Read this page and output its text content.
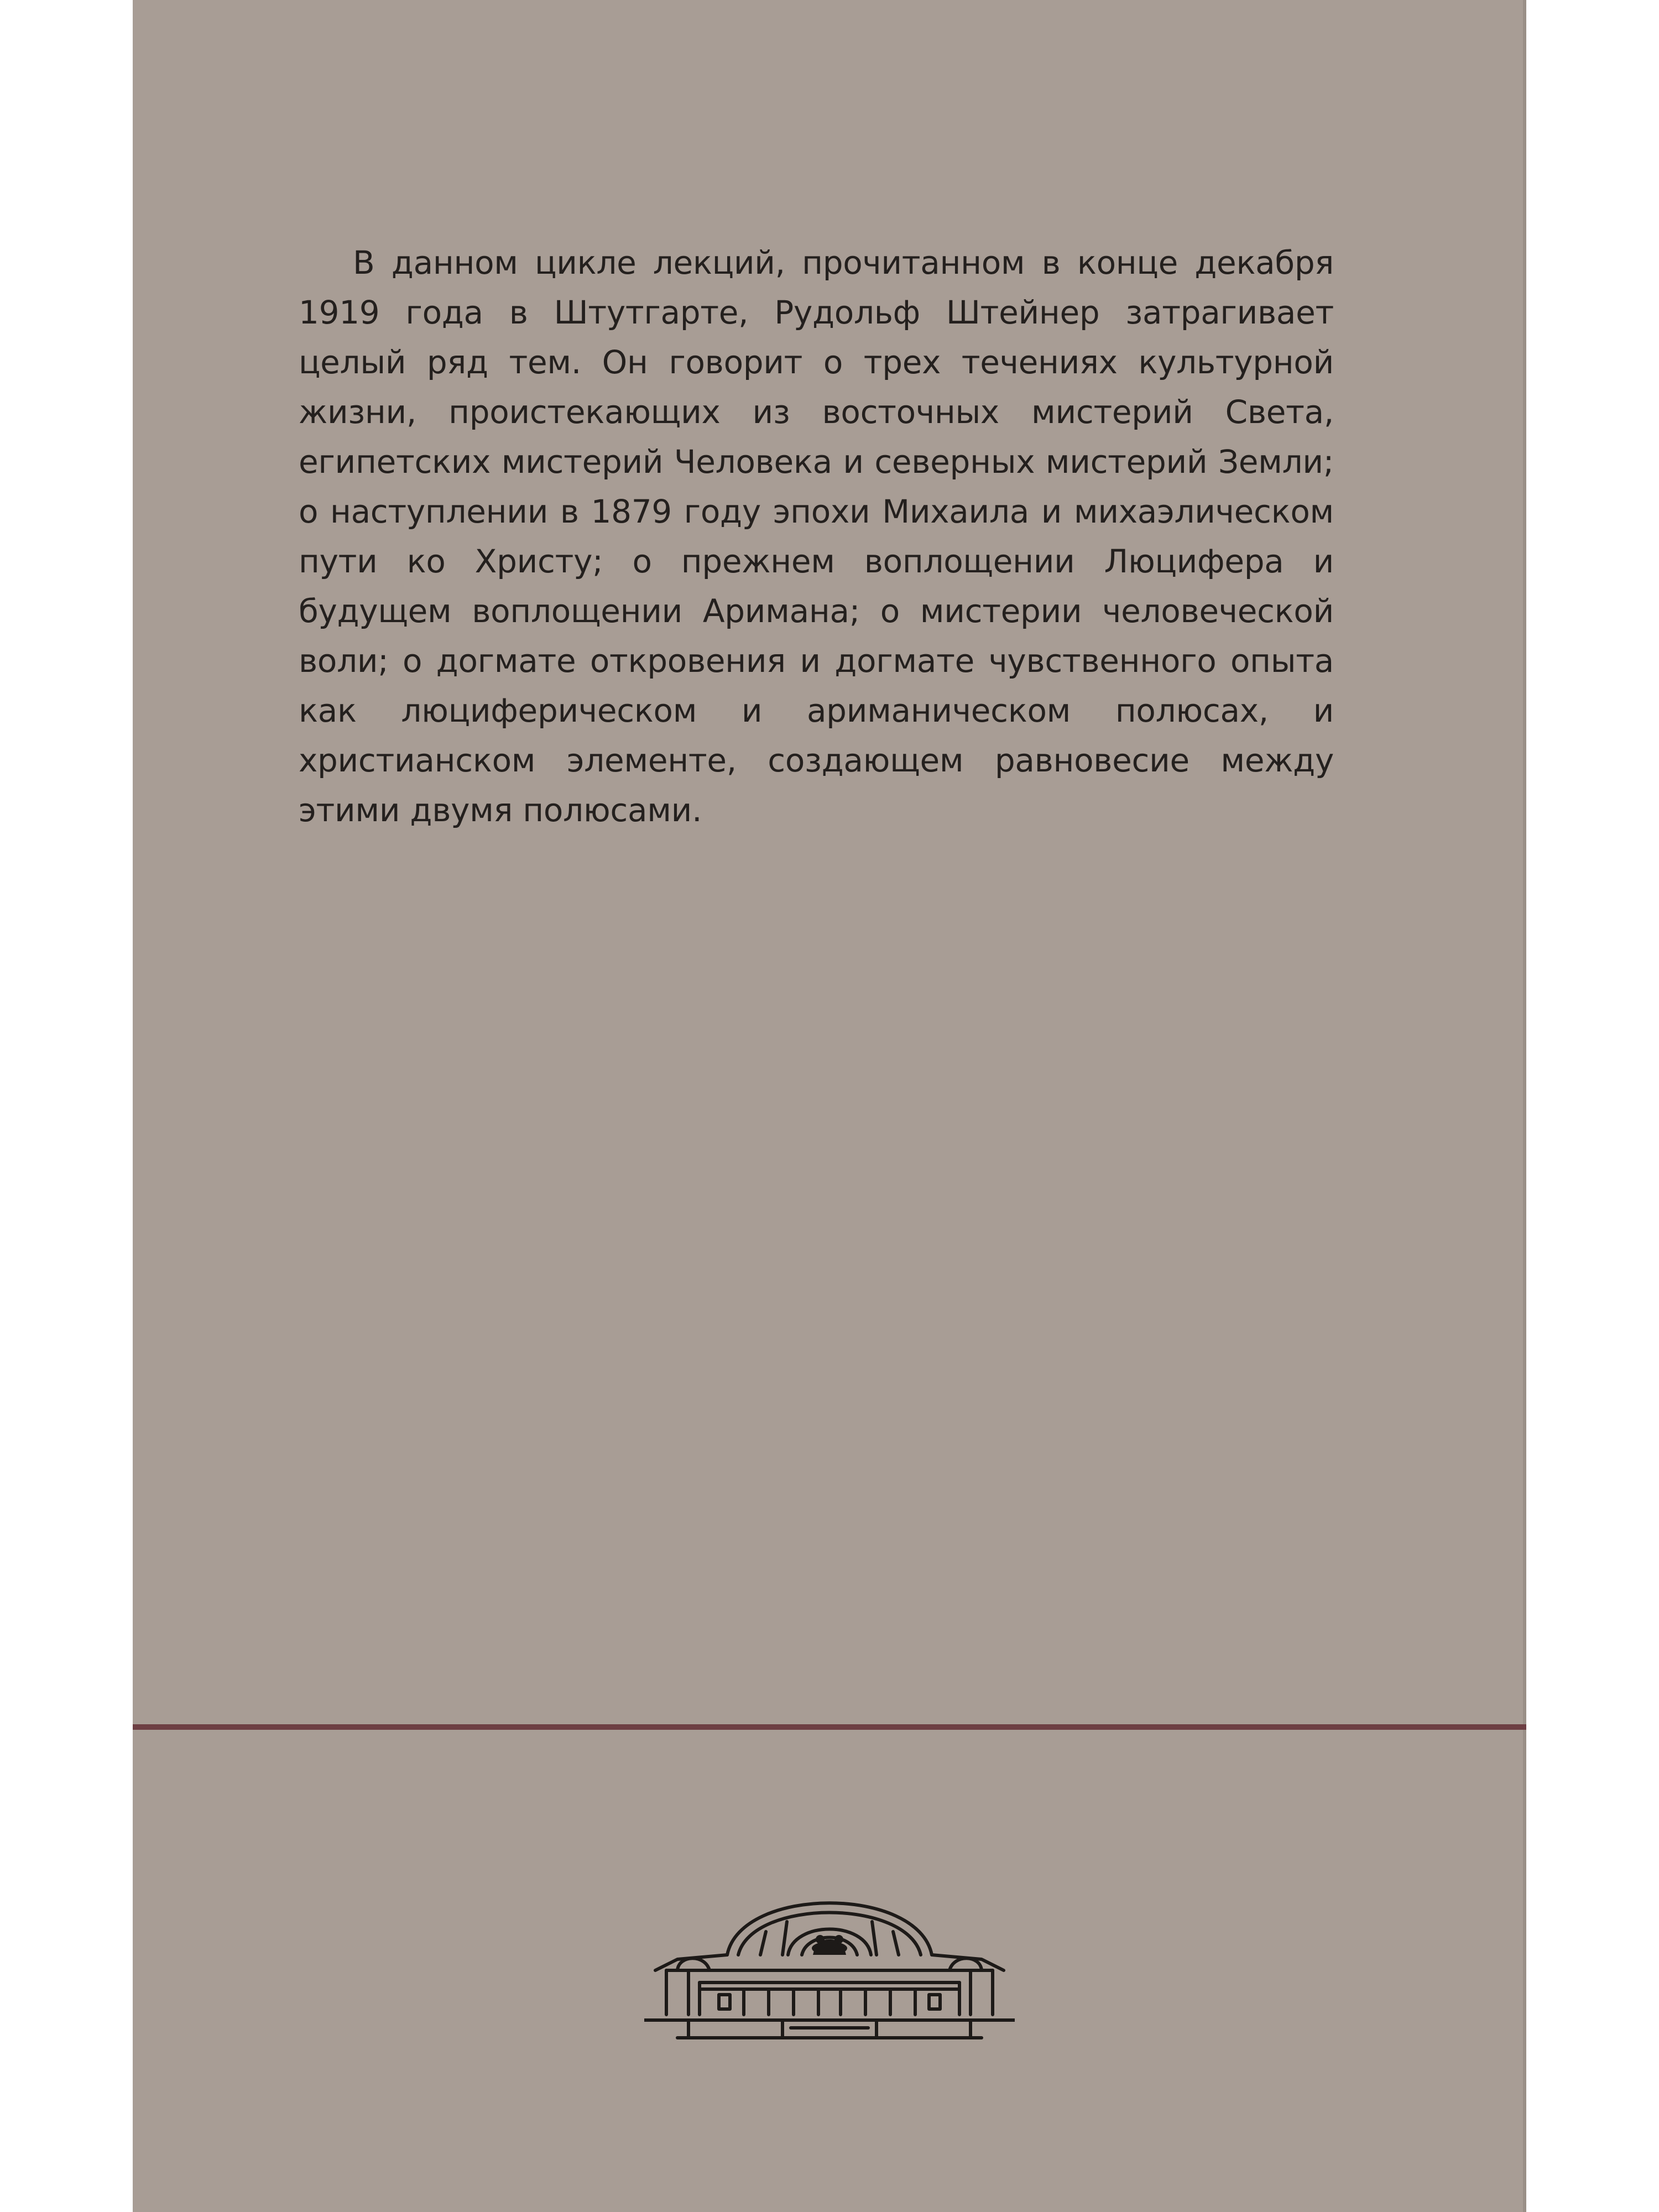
В данном цикле лекций, прочитанном в конце декабря 1919 года в Штутгарте, Рудольф Штейнер затрагивает целый ряд тем. Он говорит о трех течениях культурной жизни, проистекающих из восточных мистерий Света, египетских мистерий Человека и северных мистерий Земли; о наступлении в 1879 году эпохи Михаила и михаэлическом пути ко Христу; о прежнем воплощении Люцифера и будущем воплощении Аримана; о мистерии человеческой воли; о догмате откровения и догмате чувственного опыта как люциферическом и ариманическом полюсах, и христианском элементе, создающем равновесие между этими двумя полюсами.
